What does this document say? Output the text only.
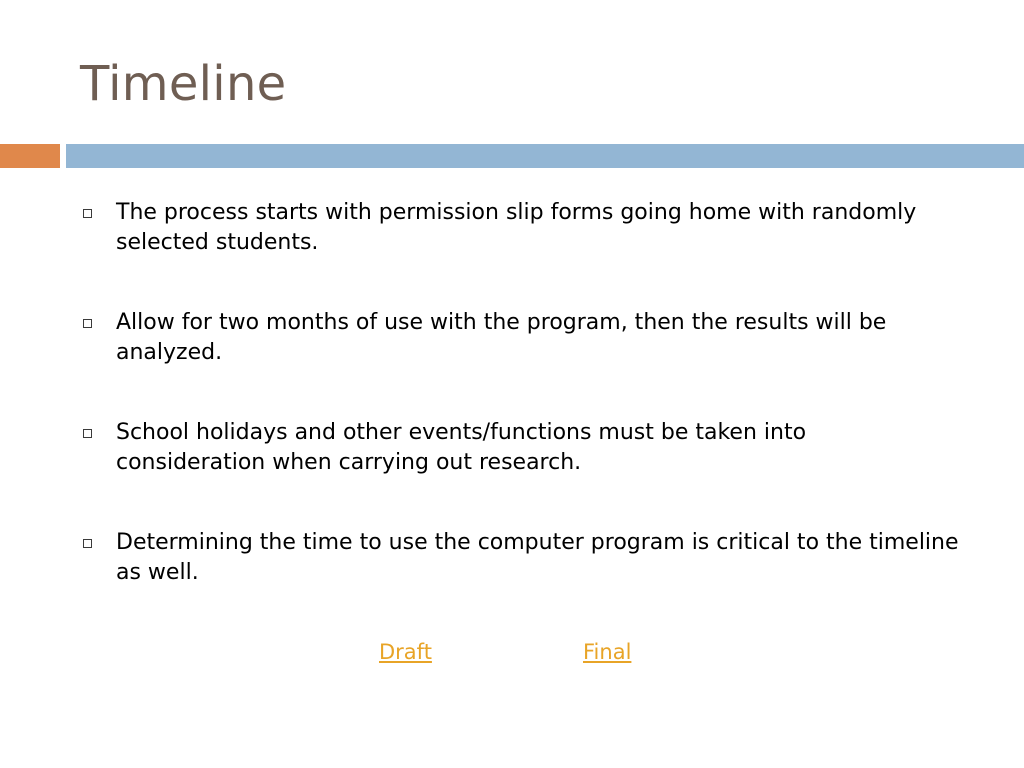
Timeline
The process starts with permission slip forms going home with randomly selected students.
Allow for two months of use with the program, then the results will be analyzed.
School holidays and other events/functions must be taken into consideration when carrying out research.
Determining the time to use the computer program is critical to the timeline as well.
Draft	Final
